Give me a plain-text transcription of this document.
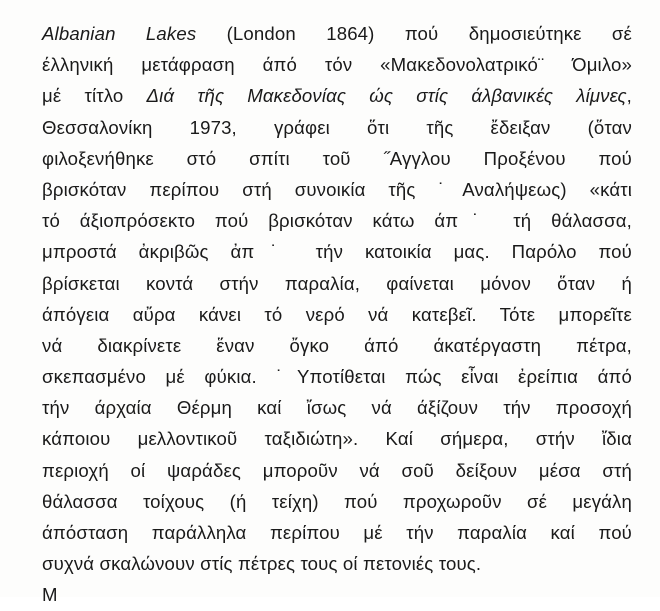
Albanian Lakes (London 1864) πού δημοσιεύτηκε σέ
έλληνική μετάφραση άπό τόν «Μακεδονολατρικό¨ Όμιλο»
μέ τίτλο Διά τῆς Μακεδονίας ώς στίς άλβανικές λίμνες,
Θεσσαλονίκη 1973, γράφει ὅτι τῆς ἔδειξαν (ὅταν
φιλοξενήθηκε στό σπίτι τοῦ ˝Αγγλου Προξένου πού
βρισκόταν περίπου στή συνοικία τῆς ˙Αναλήψεως) «κάτι
τό άξιοπρόσεκτο πού βρισκόταν κάτω άπ˙ τή θάλασσα,
μπροστά ἀκριβῶς ἀπ˙ τήν κατοικία μας. Παρόλο πού
βρίσκεται κοντά στήν παραλία, φαίνεται μόνον ὅταν ή
άπόγεια αὔρα κάνει τό νερό νά κατεβεῖ. Τότε μπορεῖτε
νά διακρίνετε ἕναν ὄγκο άπό άκατέργαστη πέτρα,
σκεπασμένο μέ φύκια. ˙Υποτίθεται πώς εἶναι ἐρείπια άπό
τήν άρχαία Θέρμη καί ἴσως νά άξίζουν τήν προσοχή
κάποιου μελλοντικοῦ ταξιδιώτη». Καί σήμερα, στήν ἴδια
περιοχή οί ψαράδες μποροῦν νά σοῦ δείξουν μέσα στή
θάλασσα τοίχους (ή τείχη) πού προχωροῦν σέ μεγάλη
άπόσταση παράλληλα περίπου μέ τήν παραλία καί πού
συχνά σκαλώνουν στίς πέτρες τους οί πετονιές τους.
Μ
